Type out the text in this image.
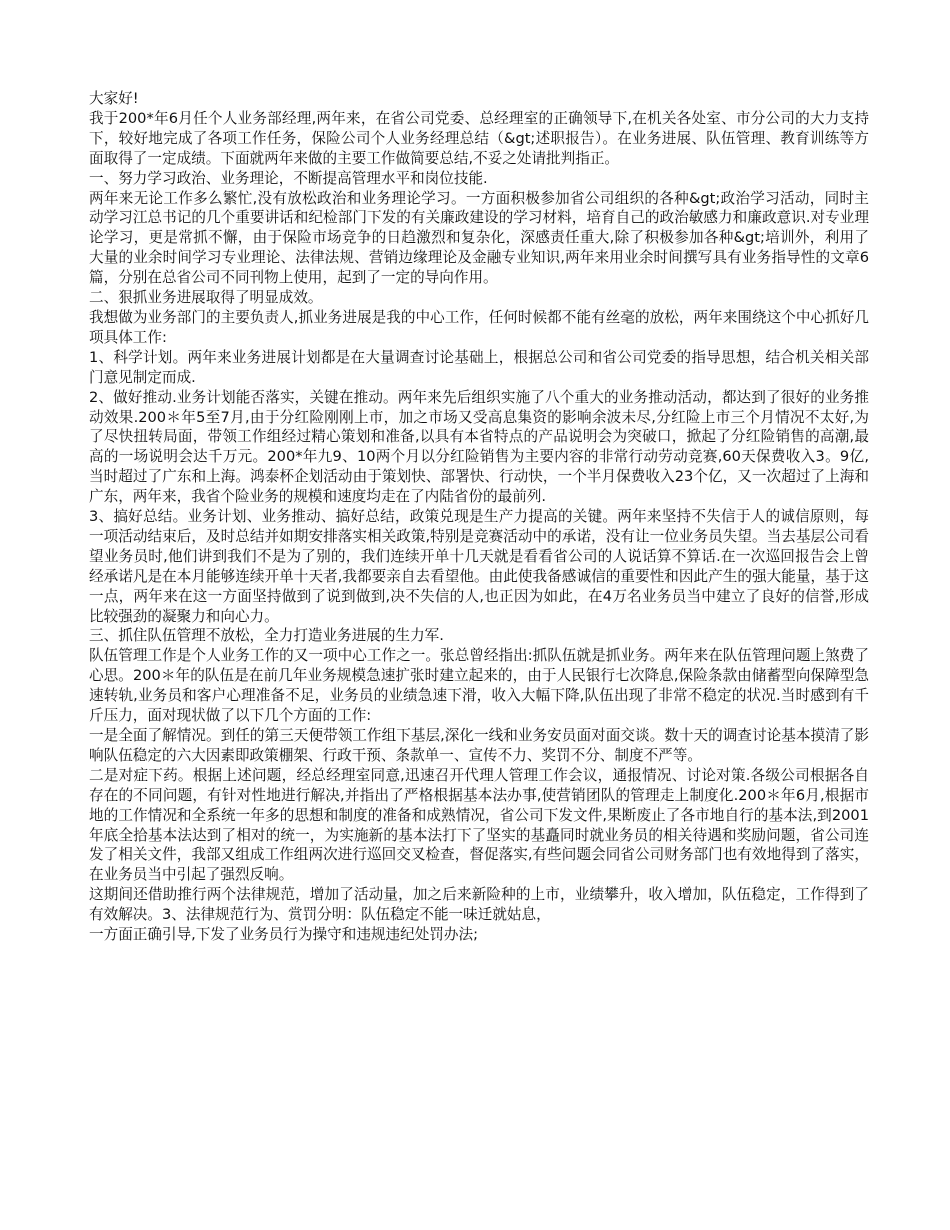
大家好!

我于200*年6月任个人业务部经理,两年来，在省公司党委、总经理室的正确领导下,在机关各处室、市分公司的大力支持下，较好地完成了各项工作任务，保险公司个人业务经理总结（&gt;述职报告）。在业务进展、队伍管理、教育训练等方面取得了一定成绩。下面就两年来做的主要工作做简要总结,不妥之处请批判指正。

一、努力学习政治、业务理论，不断提高管理水平和岗位技能.

两年来无论工作多么繁忙,没有放松政治和业务理论学习。一方面积极参加省公司组织的各种&gt;政治学习活动，同时主动学习江总书记的几个重要讲话和纪检部门下发的有关廉政建设的学习材料，培育自己的政治敏感力和廉政意识.对专业理论学习，更是常抓不懈，由于保险市场竞争的日趋激烈和复杂化，深感责任重大,除了积极参加各种&gt;培训外，利用了大量的业余时间学习专业理论、法律法规、营销边缘理论及金融专业知识,两年来用业余时间撰写具有业务指导性的文章6篇，分别在总省公司不同刊物上使用，起到了一定的导向作用。

二、狠抓业务进展取得了明显成效。

我想做为业务部门的主要负责人,抓业务进展是我的中心工作，任何时候都不能有丝毫的放松，两年来围绕这个中心抓好几项具体工作:

1、科学计划。两年来业务进展计划都是在大量调查讨论基础上，根据总公司和省公司党委的指导思想，结合机关相关部门意见制定而成.

2、做好推动.业务计划能否落实，关键在推动。两年来先后组织实施了八个重大的业务推动活动，都达到了很好的业务推动效果.200＊年5至7月,由于分红险刚刚上市，加之市场又受高息集资的影响余波未尽,分红险上市三个月情况不太好,为了尽快扭转局面，带领工作组经过精心策划和准备,以具有本省特点的产品说明会为突破口，掀起了分红险销售的高潮,最高的一场说明会达千万元。200*年九9、10两个月以分红险销售为主要内容的非常行动劳动竞赛,60天保费收入3。9亿,当时超过了广东和上海。鸿泰杯企划活动由于策划快、部署快、行动快，一个半月保费收入23个亿，又一次超过了上海和广东，两年来，我省个险业务的规模和速度均走在了内陆省份的最前列.

3、搞好总结。业务计划、业务推动、搞好总结，政策兑现是生产力提高的关键。两年来坚持不失信于人的诚信原则，每一项活动结束后，及时总结并如期安排落实相关政策,特别是竞赛活动中的承诺，没有让一位业务员失望。当去基层公司看望业务员时,他们讲到我们不是为了别的，我们连续开单十几天就是看看省公司的人说话算不算话.在一次巡回报告会上曾经承诺凡是在本月能够连续开单十天者,我都要亲自去看望他。由此使我备感诚信的重要性和因此产生的强大能量，基于这一点，两年来在这一方面坚持做到了说到做到,决不失信的人,也正因为如此，在4万名业务员当中建立了良好的信誉,形成比较强劲的凝聚力和向心力。

三、抓住队伍管理不放松，全力打造业务进展的生力军.

队伍管理工作是个人业务工作的又一项中心工作之一。张总曾经指出:抓队伍就是抓业务。两年来在队伍管理问题上煞费了心思。200＊年的队伍是在前几年业务规模急速扩张时建立起来的，由于人民银行七次降息,保险条款由储蓄型向保障型急速转轨,业务员和客户心理准备不足，业务员的业绩急速下滑，收入大幅下降,队伍出现了非常不稳定的状况.当时感到有千斤压力，面对现状做了以下几个方面的工作:

一是全面了解情况。到任的第三天便带领工作组下基层,深化一线和业务安员面对面交谈。数十天的调查讨论基本摸清了影响队伍稳定的六大因素即政策棚架、行政干预、条款单一、宣传不力、奖罚不分、制度不严等。

二是对症下药。根据上述问题，经总经理室同意,迅速召开代理人管理工作会议，通报情况、讨论对策.各级公司根据各自存在的不同问题，有针对性地进行解决,并指出了严格根据基本法办事,使营销团队的管理走上制度化.200＊年6月,根据市地的工作情况和全系统一年多的思想和制度的准备和成熟情况，省公司下发文件,果断废止了各市地自行的基本法,到2001年底全拾基本法达到了相对的统一，为实施新的基本法打下了坚实的基矗同时就业务员的相关待遇和奖励问题，省公司连发了相关文件，我部又组成工作组两次进行巡回交叉检查，督促落实,有些问题会同省公司财务部门也有效地得到了落实，在业务员当中引起了强烈反响。

这期间还借助推行两个法律规范，增加了活动量，加之后来新险种的上市，业绩攀升，收入增加，队伍稳定，工作得到了有效解决。3、法律规范行为、赏罚分明：队伍稳定不能一味迁就姑息，

一方面正确引导,下发了业务员行为操守和违规违纪处罚办法;
